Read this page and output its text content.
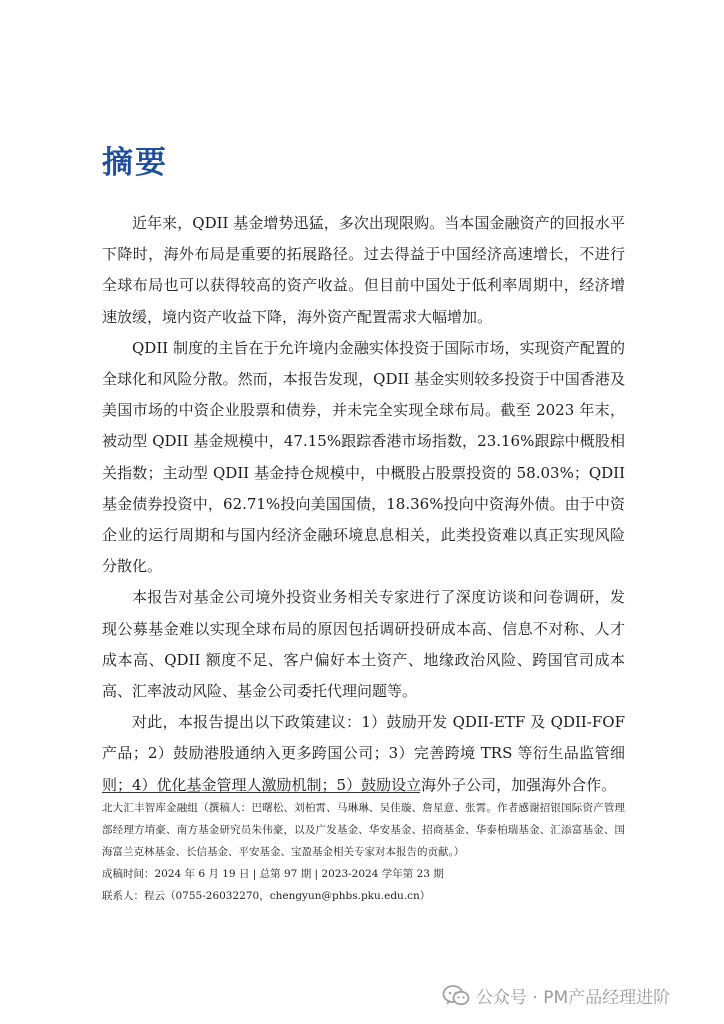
摘要

近年来，QDII 基金增势迅猛，多次出现限购。当本国金融资产的回报水平下降时，海外布局是重要的拓展路径。过去得益于中国经济高速增长，不进行全球布局也可以获得较高的资产收益。但目前中国处于低利率周期中，经济增速放缓，境内资产收益下降，海外资产配置需求大幅增加。

QDII 制度的主旨在于允许境内金融实体投资于国际市场，实现资产配置的全球化和风险分散。然而，本报告发现，QDII 基金实则较多投资于中国香港及美国市场的中资企业股票和债券，并未完全实现全球布局。截至 2023 年末，被动型 QDII 基金规模中，47.15%跟踪香港市场指数，23.16%跟踪中概股相关指数；主动型 QDII 基金持仓规模中，中概股占股票投资的 58.03%；QDII 基金债券投资中，62.71%投向美国国债，18.36%投向中资海外债。由于中资企业的运行周期和与国内经济金融环境息息相关，此类投资难以真正实现风险分散化。

本报告对基金公司境外投资业务相关专家进行了深度访谈和问卷调研，发现公募基金难以实现全球布局的原因包括调研投研成本高、信息不对称、人才成本高、QDII 额度不足、客户偏好本土资产、地缘政治风险、跨国官司成本高、汇率波动风险、基金公司委托代理问题等。

对此，本报告提出以下政策建议：1）鼓励开发 QDII-ETF 及 QDII-FOF 产品；2）鼓励港股通纳入更多跨国公司；3）完善跨境 TRS 等衍生品监管细则；4）优化基金管理人激励机制；5）鼓励设立海外子公司，加强海外合作。

北大汇丰智库金融组（撰稿人：巴曙松、刘柏霄、马琳琳、吴佳璇、詹星意、张霄。作者感谢招银国际资产管理部经理方堉豪、南方基金研究员朱伟豪，以及广发基金、华安基金、招商基金、华泰柏瑞基金、汇添富基金、国海富兰克林基金、长信基金、平安基金、宝盈基金相关专家对本报告的贡献。）

成稿时间：2024 年 6 月 19 日 | 总第 97 期 | 2023-2024 学年第 23 期

联系人：程云（0755-26032270，chengyun@phbs.pku.edu.cn）

公众号 · PM产品经理进阶
